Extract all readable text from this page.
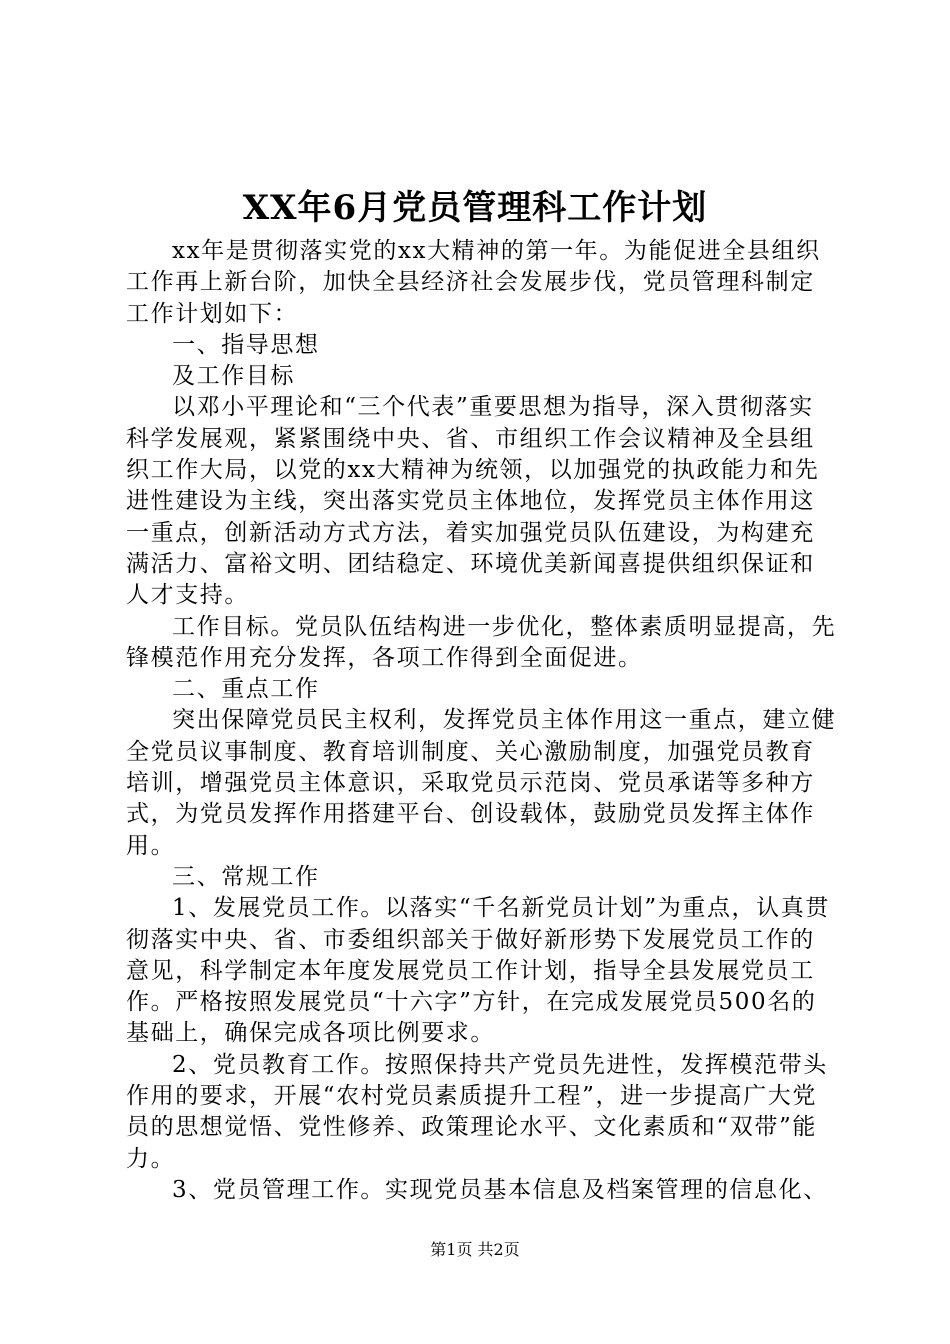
XX年6月党员管理科工作计划

xx年是贯彻落实党的xx大精神的第一年。为能促进全县组织工作再上新台阶，加快全县经济社会发展步伐，党员管理科制定工作计划如下：

一、指导思想

及工作目标

以邓小平理论和“三个代表”重要思想为指导，深入贯彻落实科学发展观，紧紧围绕中央、省、市组织工作会议精神及全县组织工作大局，以党的xx大精神为统领，以加强党的执政能力和先进性建设为主线，突出落实党员主体地位，发挥党员主体作用这一重点，创新活动方式方法，着实加强党员队伍建设，为构建充满活力、富裕文明、团结稳定、环境优美新闻喜提供组织保证和人才支持。

工作目标。党员队伍结构进一步优化，整体素质明显提高，先锋模范作用充分发挥，各项工作得到全面促进。

二、重点工作

突出保障党员民主权利，发挥党员主体作用这一重点，建立健全党员议事制度、教育培训制度、关心激励制度，加强党员教育培训，增强党员主体意识，采取党员示范岗、党员承诺等多种方式，为党员发挥作用搭建平台、创设载体，鼓励党员发挥主体作用。

三、常规工作

1、发展党员工作。以落实“千名新党员计划”为重点，认真贯彻落实中央、省、市委组织部关于做好新形势下发展党员工作的意见，科学制定本年度发展党员工作计划，指导全县发展党员工作。严格按照发展党员“十六字”方针，在完成发展党员500名的基础上，确保完成各项比例要求。

2、党员教育工作。按照保持共产党员先进性，发挥模范带头作用的要求，开展“农村党员素质提升工程”，进一步提高广大党员的思想觉悟、党性修养、政策理论水平、文化素质和“双带”能力。

3、党员管理工作。实现党员基本信息及档案管理的信息化、

第1页 共2页
